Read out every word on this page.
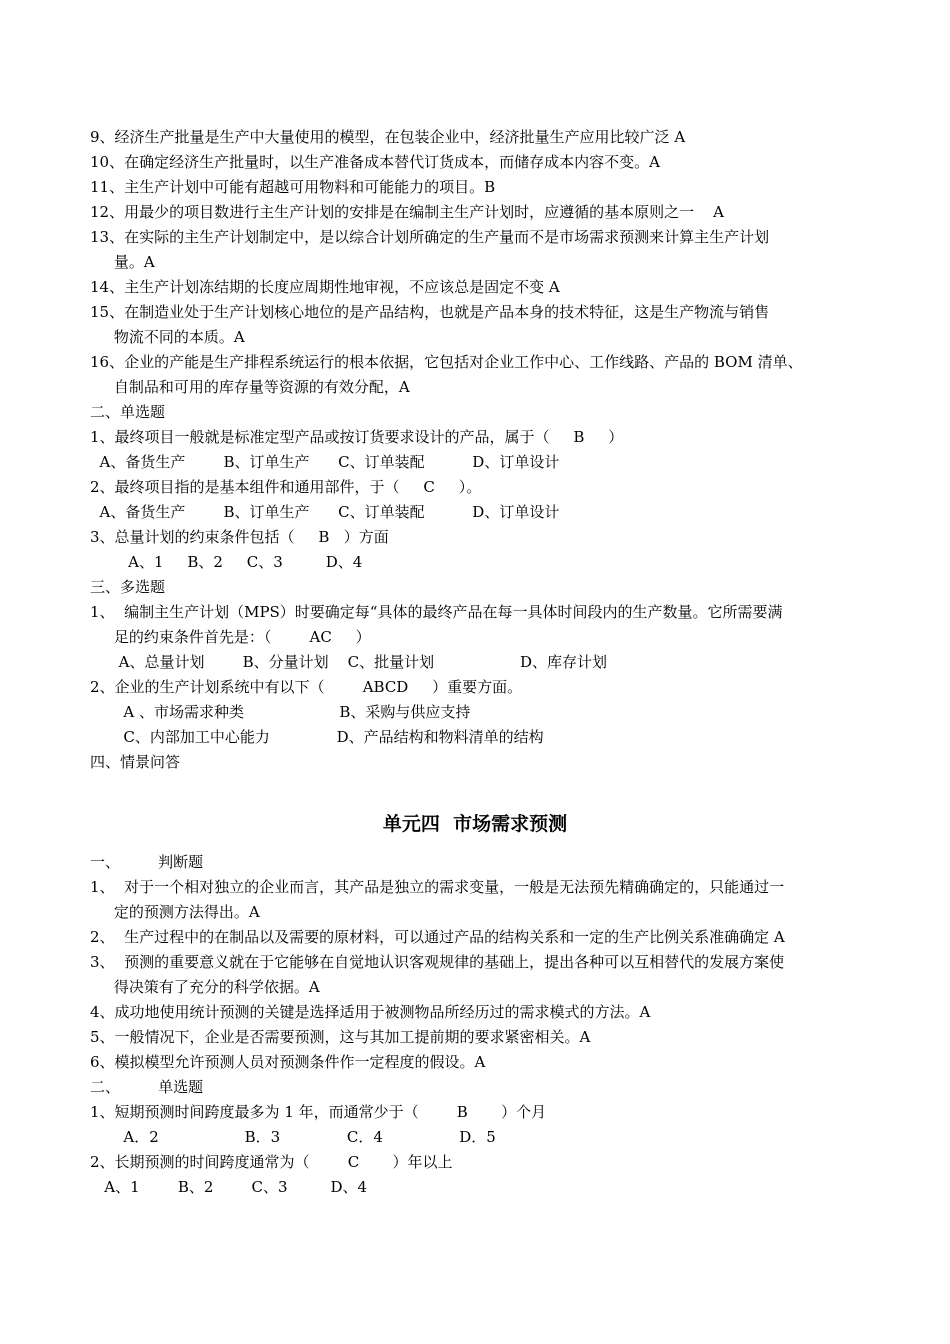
9、经济生产批量是生产中大量使用的模型，在包装企业中，经济批量生产应用比较广泛 A
10、在确定经济生产批量时，以生产准备成本替代订货成本，而储存成本内容不变。A
11、主生产计划中可能有超越可用物料和可能能力的项目。B
12、用最少的项目数进行主生产计划的安排是在编制主生产计划时，应遵循的基本原则之一    A
13、在实际的主生产计划制定中，是以综合计划所确定的生产量而不是市场需求预测来计算主生产计划
量。A
14、主生产计划冻结期的长度应周期性地审视，不应该总是固定不变 A
15、在制造业处于生产计划核心地位的是产品结构，也就是产品本身的技术特征，这是生产物流与销售
物流不同的本质。A
16、企业的产能是生产排程系统运行的根本依据，它包括对企业工作中心、工作线路、产品的 BOM 清单、
自制品和可用的库存量等资源的有效分配，A
二、单选题
1、最终项目一般就是标准定型产品或按订货要求设计的产品，属于（     B     ）
A、备货生产        B、订单生产      C、订单装配          D、订单设计
2、最终项目指的是基本组件和通用部件，于（     C     ）。
A、备货生产        B、订单生产      C、订单装配          D、订单设计
3、总量计划的约束条件包括（     B   ）方面
A、1     B、2     C、3         D、4
三、多选题
1、  编制主生产计划（MPS）时要确定每“具体的最终产品在每一具体时间段内的生产数量。它所需要满
足的约束条件首先是：（        AC     ）
A、总量计划        B、分量计划    C、批量计划                  D、库存计划
2、企业的生产计划系统中有以下（        ABCD     ）重要方面。
A 、市场需求种类                    B、采购与供应支持
C、内部加工中心能力              D、产品结构和物料清单的结构
四、情景问答
单元四  市场需求预测
一、        判断题
1、  对于一个相对独立的企业而言，其产品是独立的需求变量，一般是无法预先精确确定的，只能通过一
定的预测方法得出。A
2、  生产过程中的在制品以及需要的原材料，可以通过产品的结构关系和一定的生产比例关系准确确定 A
3、  预测的重要意义就在于它能够在自觉地认识客观规律的基础上，提出各种可以互相替代的发展方案使
得决策有了充分的科学依据。A
4、成功地使用统计预测的关键是选择适用于被测物品所经历过的需求模式的方法。A
5、一般情况下，企业是否需要预测，这与其加工提前期的要求紧密相关。A
6、模拟模型允许预测人员对预测条件作一定程度的假设。A
二、        单选题
1、短期预测时间跨度最多为 1 年，而通常少于（        B       ）个月
A．2                  B．3              C．4                D．5
2、长期预测的时间跨度通常为（        C       ）年以上
A、1        B、2        C、3         D、4
